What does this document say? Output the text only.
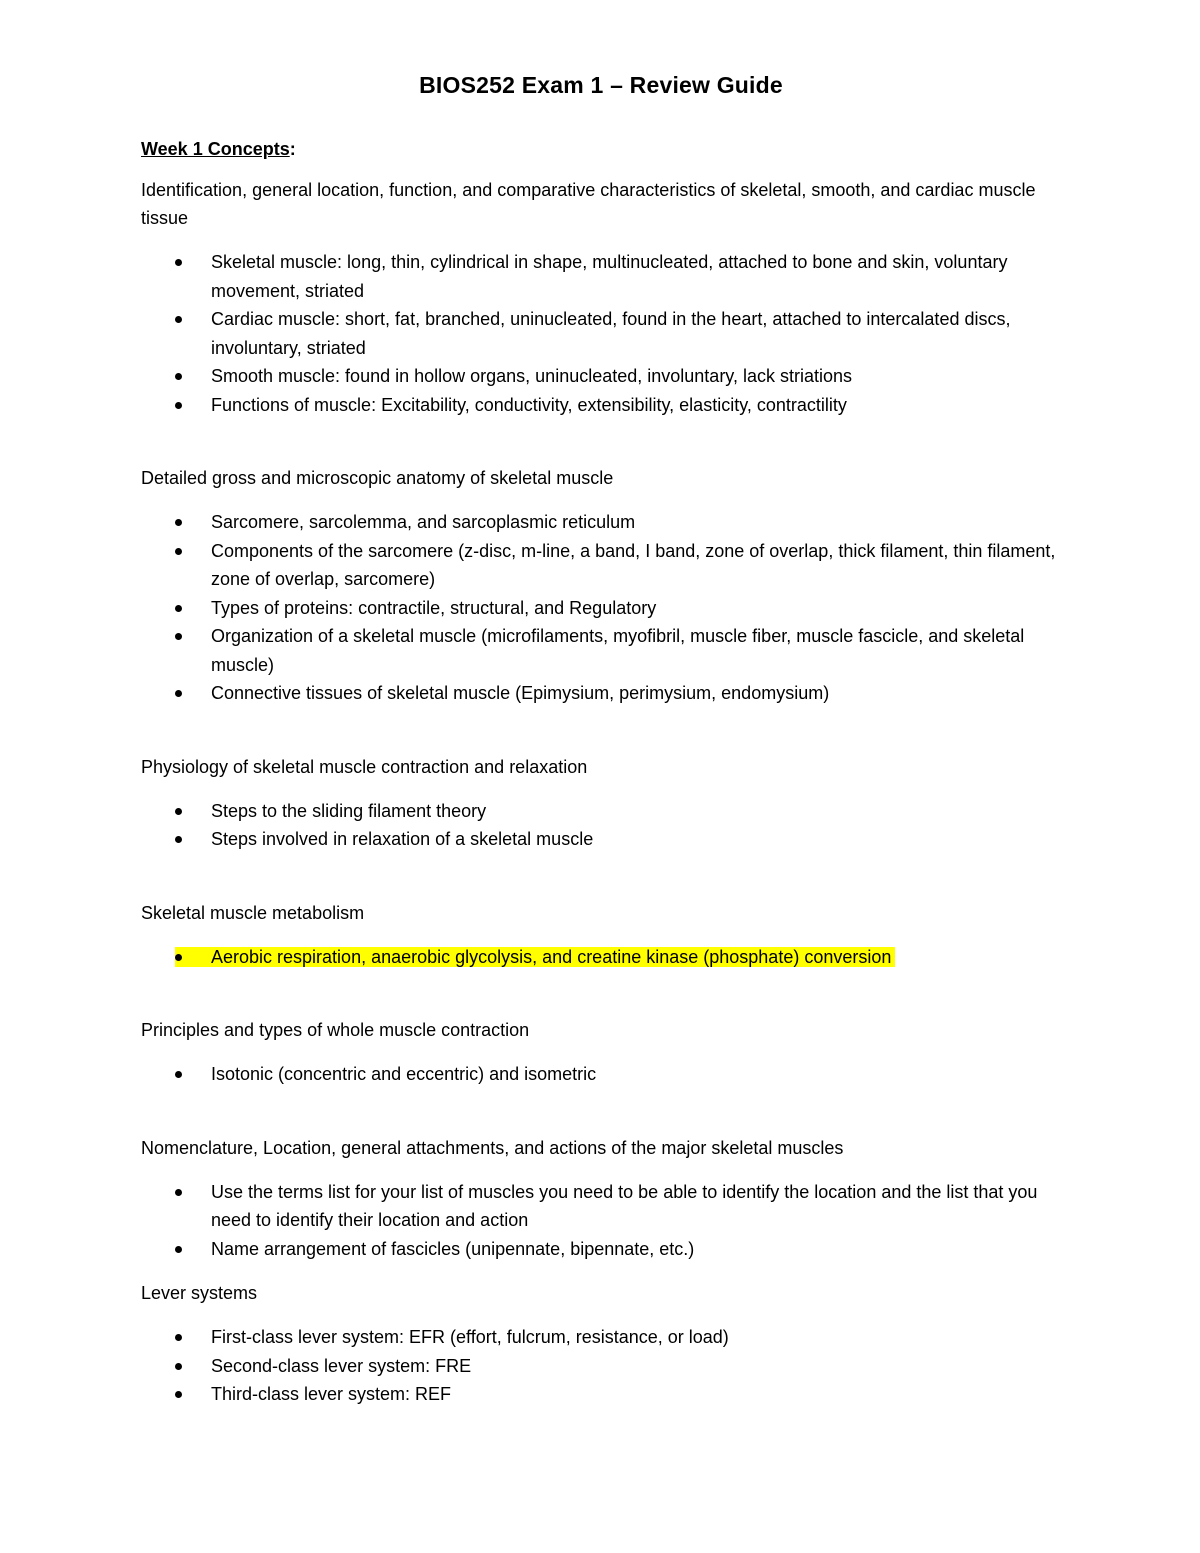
BIOS252 Exam 1 – Review Guide
Week 1 Concepts:
Identification, general location, function, and comparative characteristics of skeletal, smooth, and cardiac muscle tissue
Skeletal muscle: long, thin, cylindrical in shape, multinucleated, attached to bone and skin, voluntary movement, striated
Cardiac muscle: short, fat, branched, uninucleated, found in the heart, attached to intercalated discs, involuntary, striated
Smooth muscle: found in hollow organs, uninucleated, involuntary, lack striations
Functions of muscle: Excitability, conductivity, extensibility, elasticity, contractility
Detailed gross and microscopic anatomy of skeletal muscle
Sarcomere, sarcolemma, and sarcoplasmic reticulum
Components of the sarcomere (z-disc, m-line, a band, I band, zone of overlap, thick filament, thin filament, zone of overlap, sarcomere)
Types of proteins: contractile, structural, and Regulatory
Organization of a skeletal muscle (microfilaments, myofibril, muscle fiber, muscle fascicle, and skeletal muscle)
Connective tissues of skeletal muscle (Epimysium, perimysium, endomysium)
Physiology of skeletal muscle contraction and relaxation
Steps to the sliding filament theory
Steps involved in relaxation of a skeletal muscle
Skeletal muscle metabolism
Aerobic respiration, anaerobic glycolysis, and creatine kinase (phosphate) conversion
Principles and types of whole muscle contraction
Isotonic (concentric and eccentric) and isometric
Nomenclature, Location, general attachments, and actions of the major skeletal muscles
Use the terms list for your list of muscles you need to be able to identify the location and the list that you need to identify their location and action
Name arrangement of fascicles (unipennate, bipennate, etc.)
Lever systems
First-class lever system: EFR (effort, fulcrum, resistance, or load)
Second-class lever system: FRE
Third-class lever system: REF
